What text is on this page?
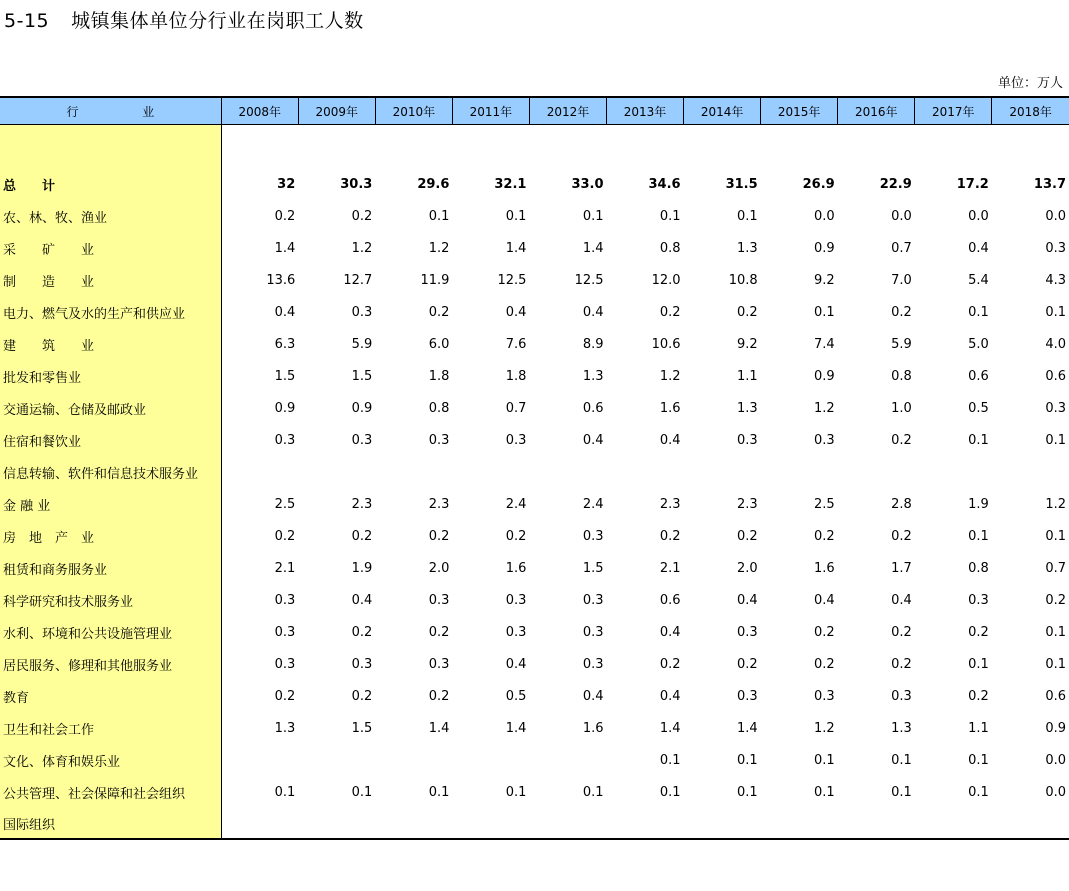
5-15 城镇集体单位分行业在岗职工人数
单位：万人
行 业	2008年	2009年	2010年	2011年	2012年	2013年	2014年	2015年	2016年	2017年	2018年

总　　计	32	30.3	29.6	32.1	33.0	34.6	31.5	26.9	22.9	17.2	13.7
农、林、牧、渔业	0.2	0.2	0.1	0.1	0.1	0.1	0.1	0.0	0.0	0.0	0.0
采　　矿　　业	1.4	1.2	1.2	1.4	1.4	0.8	1.3	0.9	0.7	0.4	0.3
制　　造　　业	13.6	12.7	11.9	12.5	12.5	12.0	10.8	9.2	7.0	5.4	4.3
电力、燃气及水的生产和供应业	0.4	0.3	0.2	0.4	0.4	0.2	0.2	0.1	0.2	0.1	0.1
建　　筑　　业	6.3	5.9	6.0	7.6	8.9	10.6	9.2	7.4	5.9	5.0	4.0
批发和零售业	1.5	1.5	1.8	1.8	1.3	1.2	1.1	0.9	0.8	0.6	0.6
交通运输、仓储及邮政业	0.9	0.9	0.8	0.7	0.6	1.6	1.3	1.2	1.0	0.5	0.3
住宿和餐饮业	0.3	0.3	0.3	0.3	0.4	0.4	0.3	0.3	0.2	0.1	0.1
信息转输、软件和信息技术服务业											
金 融 业	2.5	2.3	2.3	2.4	2.4	2.3	2.3	2.5	2.8	1.9	1.2
房　地　产　业	0.2	0.2	0.2	0.2	0.3	0.2	0.2	0.2	0.2	0.1	0.1
租赁和商务服务业	2.1	1.9	2.0	1.6	1.5	2.1	2.0	1.6	1.7	0.8	0.7
科学研究和技术服务业	0.3	0.4	0.3	0.3	0.3	0.6	0.4	0.4	0.4	0.3	0.2
水利、环境和公共设施管理业	0.3	0.2	0.2	0.3	0.3	0.4	0.3	0.2	0.2	0.2	0.1
居民服务、修理和其他服务业	0.3	0.3	0.3	0.4	0.3	0.2	0.2	0.2	0.2	0.1	0.1
教育	0.2	0.2	0.2	0.5	0.4	0.4	0.3	0.3	0.3	0.2	0.6
卫生和社会工作	1.3	1.5	1.4	1.4	1.6	1.4	1.4	1.2	1.3	1.1	0.9
文化、体育和娱乐业						0.1	0.1	0.1	0.1	0.1	0.0
公共管理、社会保障和社会组织	0.1	0.1	0.1	0.1	0.1	0.1	0.1	0.1	0.1	0.1	0.0
国际组织											
